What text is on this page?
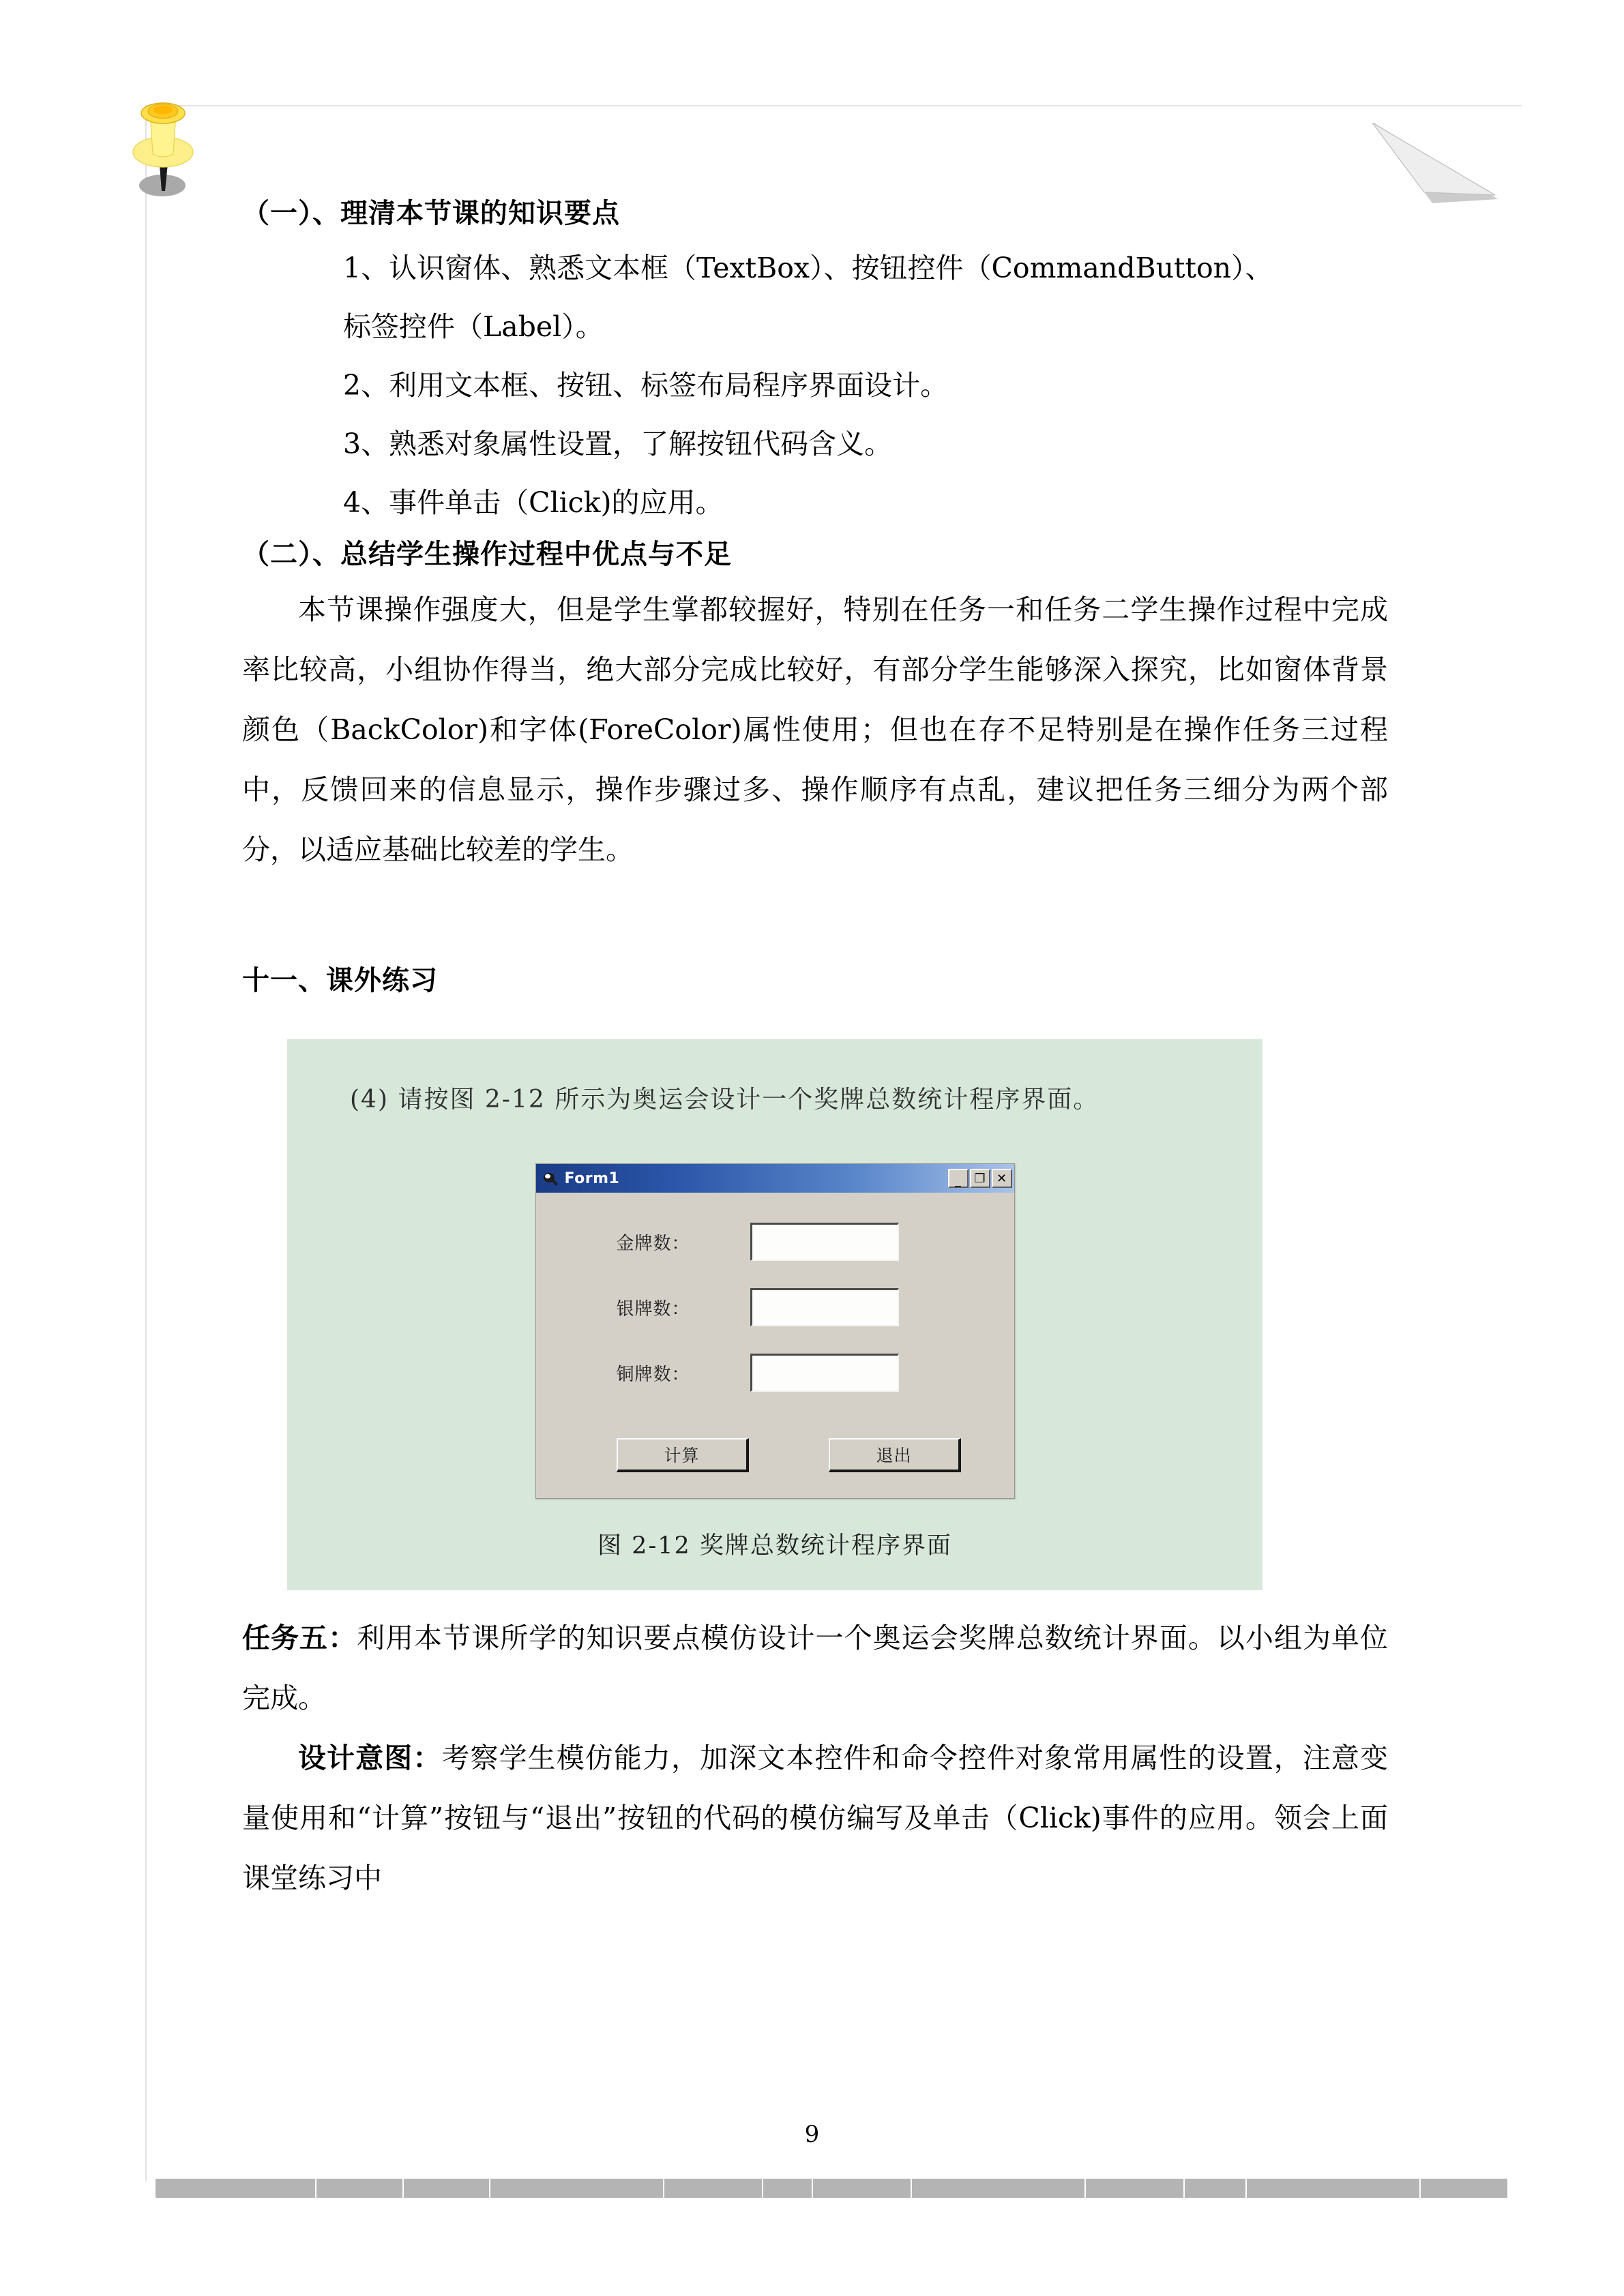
（一）、理清本节课的知识要点

1、认识窗体、熟悉文本框（TextBox）、按钮控件（CommandButton）、

标签控件（Label）。

2、利用文本框、按钮、标签布局程序界面设计。

3、熟悉对象属性设置，了解按钮代码含义。

4、事件单击（Click)的应用。

（二）、总结学生操作过程中优点与不足

本节课操作强度大，但是学生掌都较握好，特别在任务一和任务二学生操作过程中完成率比较高，小组协作得当，绝大部分完成比较好，有部分学生能够深入探究，比如窗体背景颜色（BackColor)和字体(ForeColor)属性使用；但也在存不足特别是在操作任务三过程中，反馈回来的信息显示，操作步骤过多、操作顺序有点乱，建议把任务三细分为两个部分，以适应基础比较差的学生。

十一、课外练习
(4) 请按图 2-12 所示为奥运会设计一个奖牌总数统计程序界面。
Form1	_	❐ ✕
金牌数：
银牌数：
铜牌数：
计算	退出
图 2-12 奖牌总数统计程序界面

任务五：利用本节课所学的知识要点模仿设计一个奥运会奖牌总数统计界面。以小组为单位完成。

设计意图：考察学生模仿能力，加深文本控件和命令控件对象常用属性的设置，注意变量使用和“计算”按钮与“退出”按钮的代码的模仿编写及单击（Click)事件的应用。领会上面课堂练习中

9
